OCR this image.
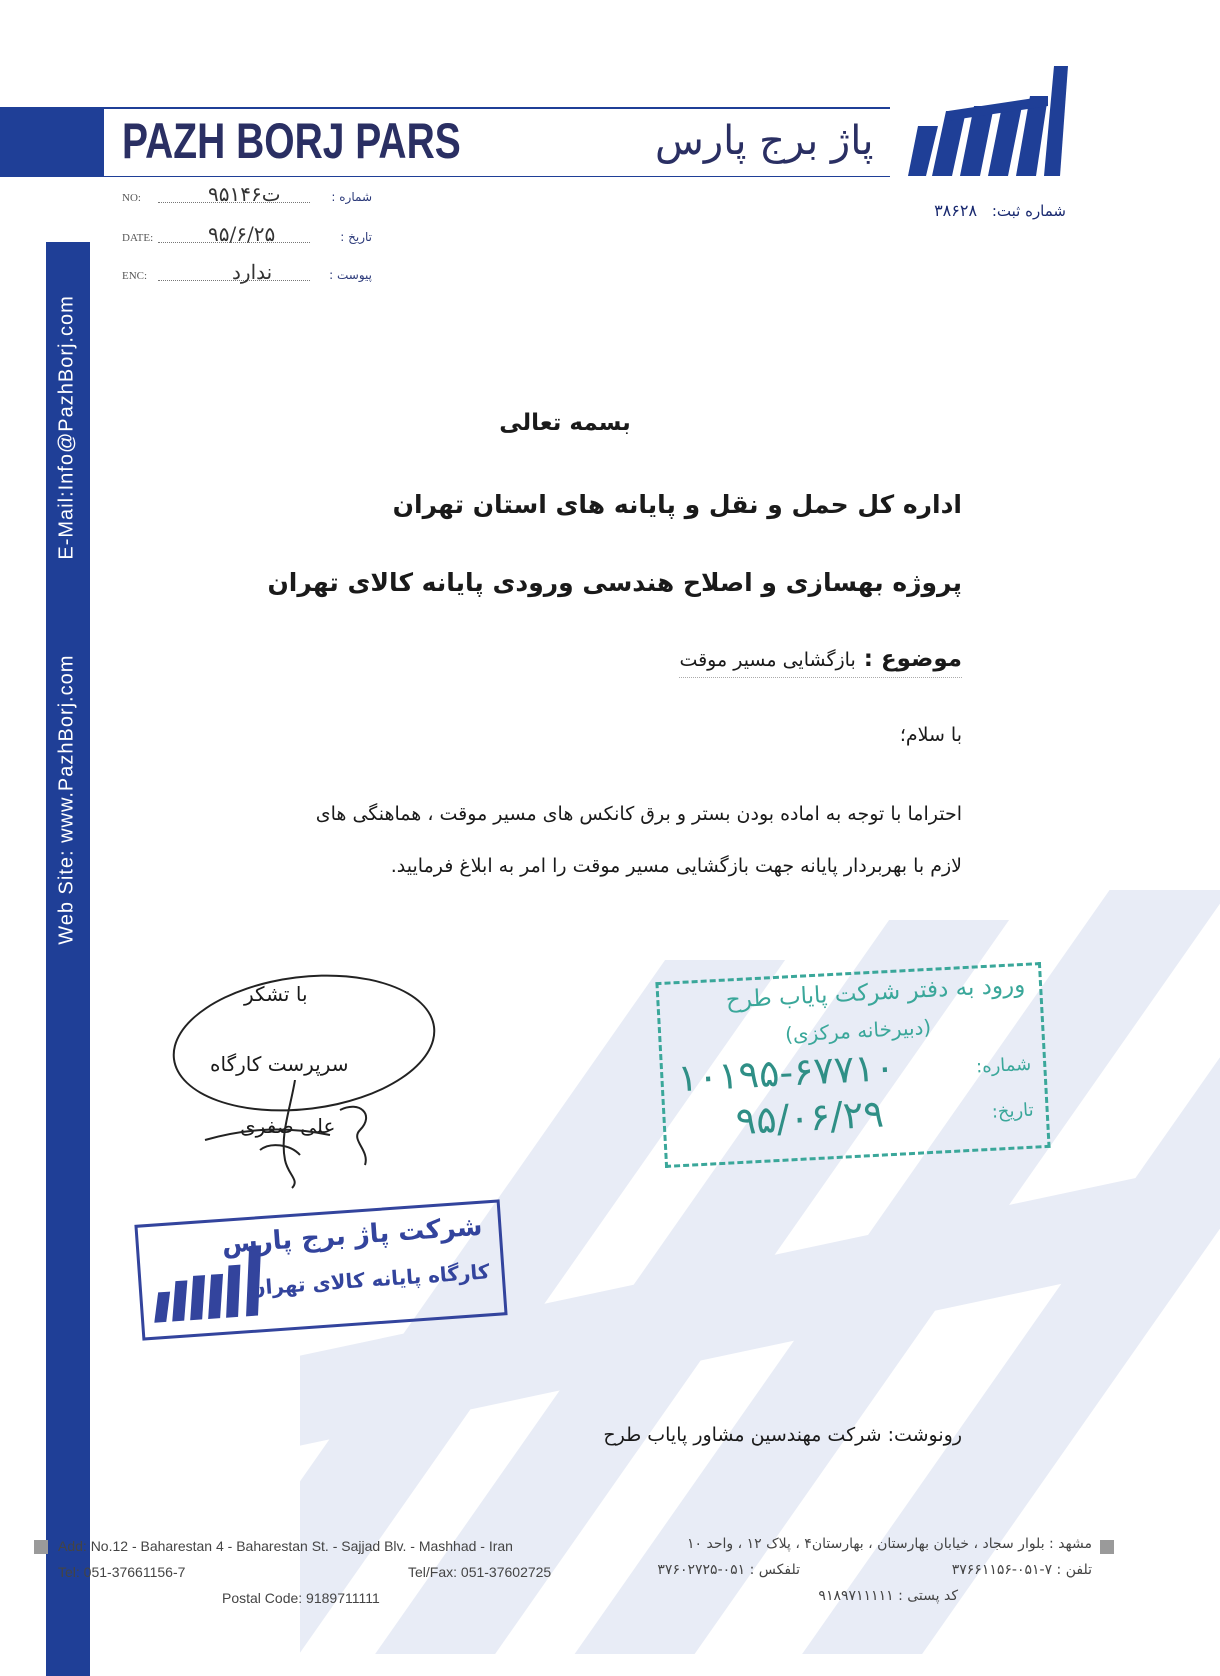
PAZH BORJ PARS	پاژ برج پارس
شماره ثبت: ۳۸۶۲۸
NO:	۹۵ت۱۴۶	شماره :
DATE:	۹۵/۶/۲۵	تاریخ :
ENC:	ندارد	پیوست :
Web Site: www.PazhBorj.comE-Mail:Info@PazhBorj.com	بسمه تعالی
اداره کل حمل و نقل و پایانه های استان تهران
پروژه بهسازی و اصلاح هندسی ورودی پایانه کالای تهران
موضوع :بازگشایی مسیر موقت
با سلام؛
احتراما با توجه به اماده بودن بستر و برق کانکس های مسیر موقت ، هماهنگی های
لازم با بهربردار پایانه جهت بازگشایی مسیر موقت را امر به ابلاغ فرمایید.
با تشکر
سرپرست کارگاه
علی صفری
شرکت پاژ برج پارس
کارگاه پایانه کالای تهران
ورود به دفتر شرکت پایاب طرح
(دبیرخانه مرکزی)
شماره:
۱۰۱۹۵-۶۷۷۱۰
تاریخ:
۹۵/۰۶/۲۹
رونوشت: شرکت مهندسین مشاور پایاب طرح
Add: No.12 - Baharestan 4 - Baharestan St. - Sajjad Blv. - Mashhad - Iran
Tel: 051-37661156-7	Tel/Fax: 051-37602725
Postal Code: 9189711111
مشهد : بلوار سجاد ، خیابان بهارستان ، بهارستان۴ ، پلاک ۱۲ ، واحد ۱۰
تلفن : ۷-۰۵۱-۳۷۶۶۱۱۵۶
تلفکس : ۰۵۱-۳۷۶۰۲۷۲۵
کد پستی : ۹۱۸۹۷۱۱۱۱۱
